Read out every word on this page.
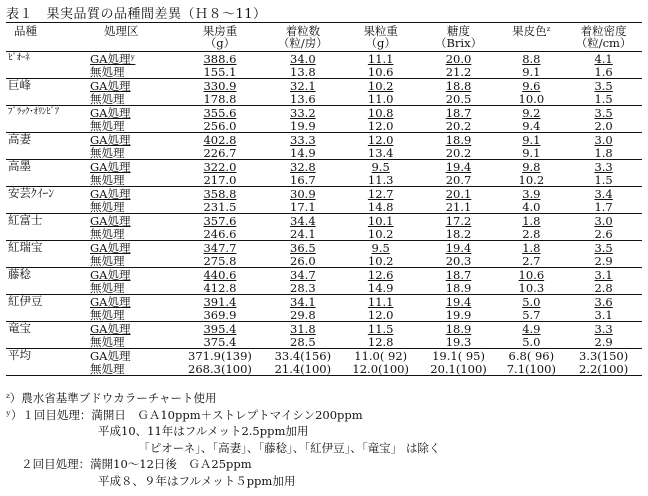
表１　果実品質の品種間差異（Ｈ８～11）
品種	処理区	果房重	着粒数	果粒重	糖度	果皮色ᶻ	着粒密度
		（g）	（粒/房）	（g）	（Brix）		（粒/cm）
ﾋﾟｵｰﾈ	GA処理ʸ	388.6	34.0	11.1	20.0	8.8	4.1
	無処理	155.1	13.8	10.6	21.2	9.1	1.6
巨峰	GA処理	330.9	32.1	10.2	18.8	9.6	3.5
	無処理	178.8	13.6	11.0	20.5	10.0	1.5
ﾌﾞﾗｯｸ･ｵﾘﾝﾋﾟｱ	GA処理	355.6	33.2	10.8	18.7	9.2	3.5
	無処理	256.0	19.9	12.0	20.2	9.4	2.0
高妻	GA処理	402.8	33.3	12.0	18.9	9.1	3.0
	無処理	226.7	14.9	13.4	20.2	9.1	1.8
高墨	GA処理	322.0	32.8	9.5	19.4	9.8	3.3
	無処理	217.0	16.7	11.3	20.7	10.2	1.5
安芸ｸｲｰﾝ	GA処理	358.8	30.9	12.7	20.1	3.9	3.4
	無処理	231.5	17.1	14.8	21.1	4.0	1.7
紅富士	GA処理	357.6	34.4	10.1	17.2	1.8	3.0
	無処理	246.6	24.1	10.2	18.2	2.8	2.6
紅瑞宝	GA処理	347.7	36.5	9.5	19.4	1.8	3.5
	無処理	275.8	26.0	10.2	20.3	2.7	2.9
藤稔	GA処理	440.6	34.7	12.6	18.7	10.6	3.1
	無処理	412.8	28.3	14.9	18.9	10.3	2.8
紅伊豆	GA処理	391.4	34.1	11.1	19.4	5.0	3.6
	無処理	369.9	29.8	12.0	19.9	5.7	3.1
竜宝	GA処理	395.4	31.8	11.5	18.9	4.9	3.3
	無処理	375.4	28.5	12.8	19.3	5.0	2.9
平均	GA処理	371.9(139)	33.4(156)	11.0( 92)	19.1( 95)	6.8( 96)	3.3(150)
	無処理	268.3(100)	21.4(100)	12.0(100)	20.1(100)	7.1(100)	2.2(100)
ᶻ）農水省基準ブドウカラーチャート使用
ʸ）１回目処理：満開日　ＧＡ10ppm＋ストレプトマイシン200ppm
　　　　　　　　平成10、11年はフルメット2.5ppm加用
　　　　　　　　　　　　「ピオーネ」、「高妻」、「藤稔」、「紅伊豆」、「竜宝」 は除く
　 ２回目処理：満開10～12日後　ＧＡ25ppm
　　　　　　　　平成８、９年はフルメット５ppm加用
